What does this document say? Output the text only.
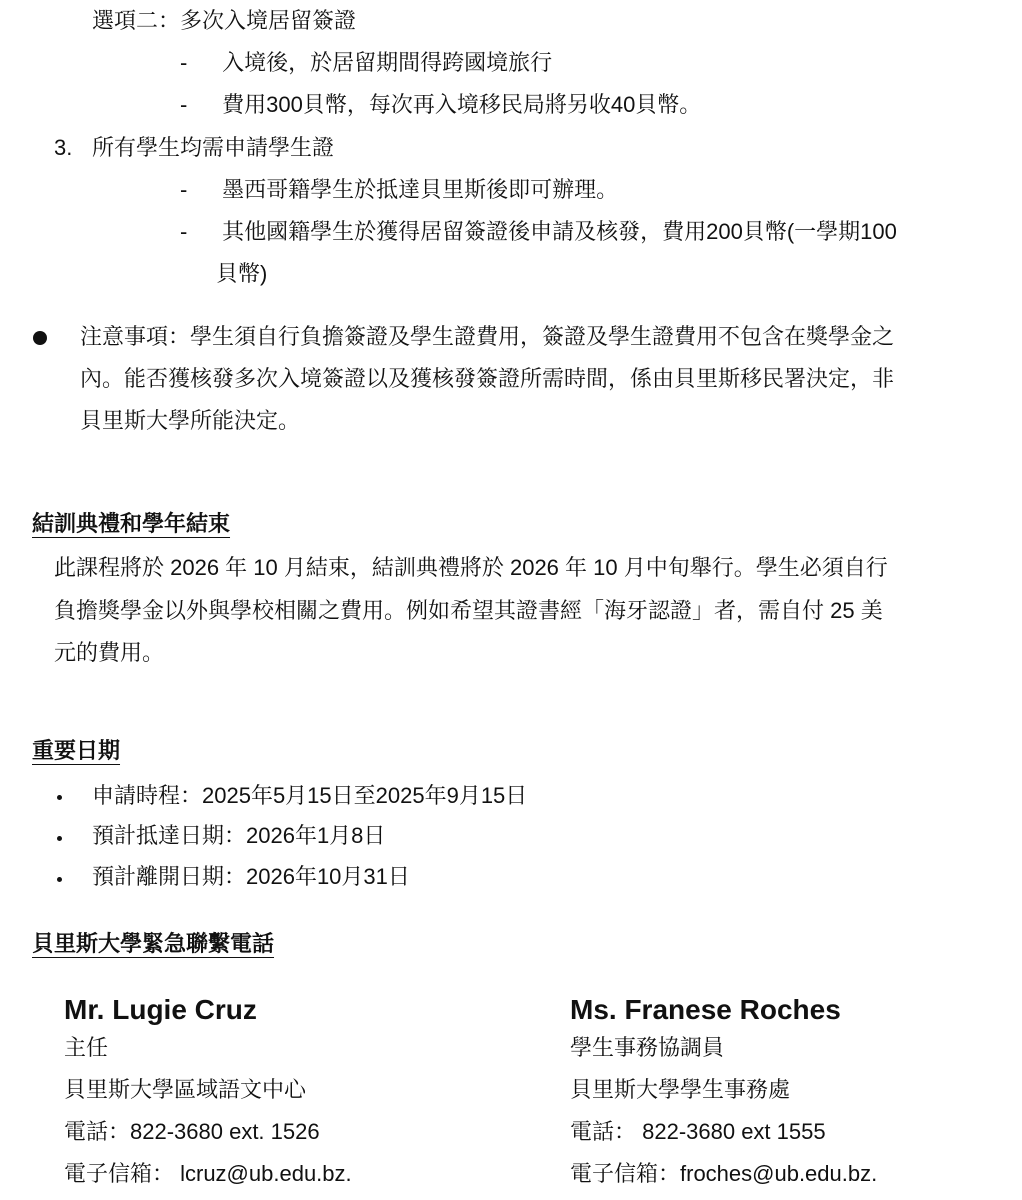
選項二：多次入境居留簽證
- 入境後，於居留期間得跨國境旅行
- 費用300貝幣，每次再入境移民局將另收40貝幣。
3. 所有學生均需申請學生證
- 墨西哥籍學生於抵達貝里斯後即可辦理。
- 其他國籍學生於獲得居留簽證後申請及核發，費用200貝幣(一學期100
貝幣)
注意事項：學生須自行負擔簽證及學生證費用，簽證及學生證費用不包含在獎學金之
內。能否獲核發多次入境簽證以及獲核發簽證所需時間，係由貝里斯移民署決定，非
貝里斯大學所能決定。
結訓典禮和學年結束
此課程將於 2026 年 10 月結束，結訓典禮將於 2026 年 10 月中旬舉行。學生必須自行
負擔獎學金以外與學校相關之費用。例如希望其證書經「海牙認證」者，需自付 25 美
元的費用。
重要日期
申請時程：2025年5月15日至2025年9月15日
預計抵達日期：2026年1月8日
預計離開日期：2026年10月31日
貝里斯大學緊急聯繫電話
Mr. Lugie Cruz
主任
貝里斯大學區域語文中心
電話：822-3680 ext. 1526
電子信箱： lcruz@ub.edu.bz.
Ms. Franese Roches
學生事務協調員
貝里斯大學學生事務處
電話： 822-3680 ext 1555
電子信箱：froches@ub.edu.bz.
